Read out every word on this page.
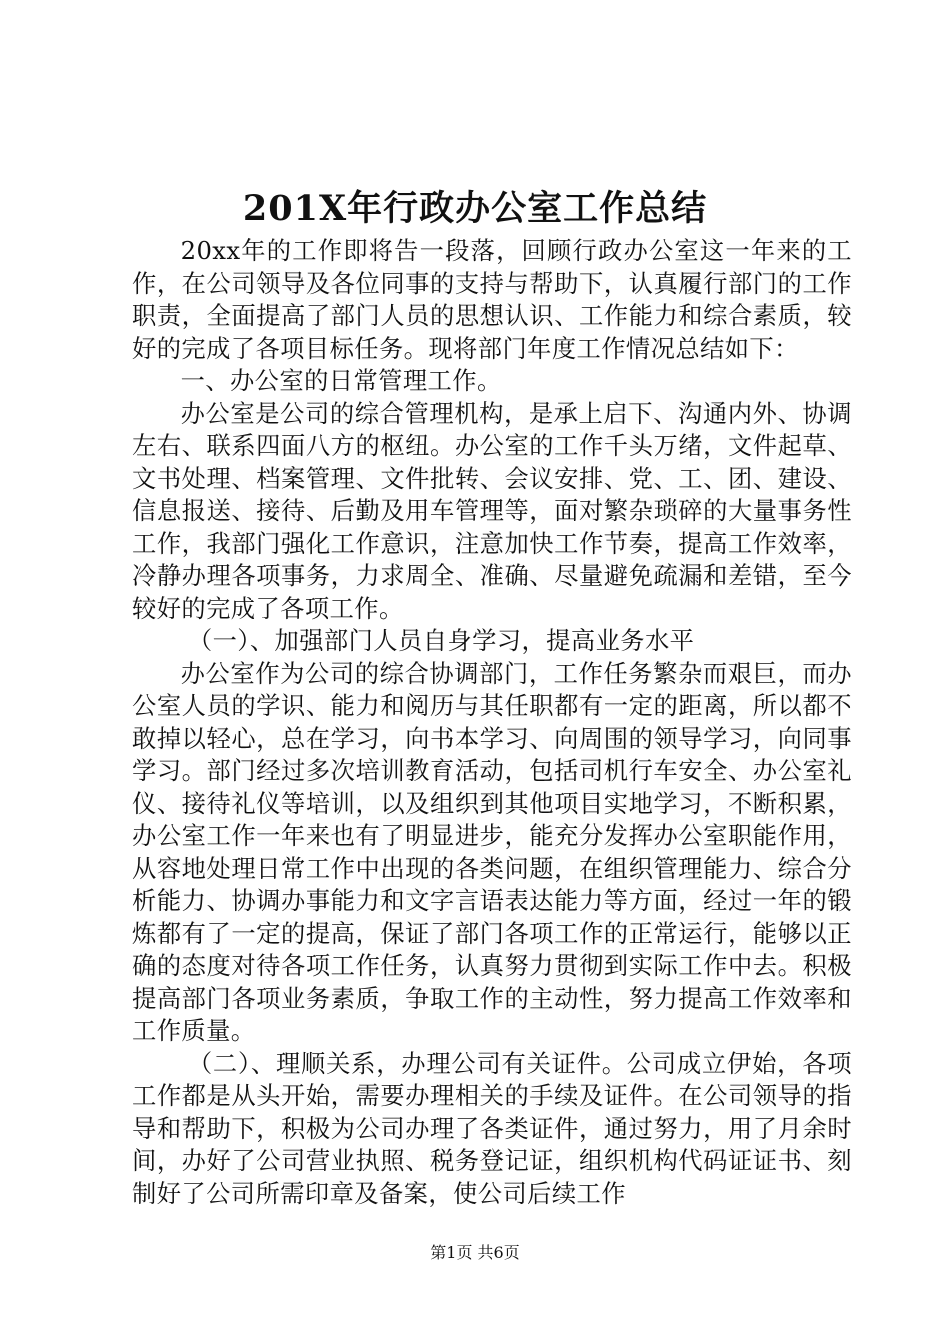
201X年行政办公室工作总结

20xx年的工作即将告一段落，回顾行政办公室这一年来的工作，在公司领导及各位同事的支持与帮助下，认真履行部门的工作职责，全面提高了部门人员的思想认识、工作能力和综合素质，较好的完成了各项目标任务。现将部门年度工作情况总结如下：

一、办公室的日常管理工作。

办公室是公司的综合管理机构，是承上启下、沟通内外、协调左右、联系四面八方的枢纽。办公室的工作千头万绪，文件起草、文书处理、档案管理、文件批转、会议安排、党、工、团、建设、信息报送、接待、后勤及用车管理等，面对繁杂琐碎的大量事务性工作，我部门强化工作意识，注意加快工作节奏，提高工作效率，冷静办理各项事务，力求周全、准确、尽量避免疏漏和差错，至今较好的完成了各项工作。

（一）、加强部门人员自身学习，提高业务水平

办公室作为公司的综合协调部门，工作任务繁杂而艰巨，而办公室人员的学识、能力和阅历与其任职都有一定的距离，所以都不敢掉以轻心，总在学习，向书本学习、向周围的领导学习，向同事学习。部门经过多次培训教育活动，包括司机行车安全、办公室礼仪、接待礼仪等培训，以及组织到其他项目实地学习，不断积累，办公室工作一年来也有了明显进步，能充分发挥办公室职能作用，从容地处理日常工作中出现的各类问题，在组织管理能力、综合分析能力、协调办事能力和文字言语表达能力等方面，经过一年的锻炼都有了一定的提高，保证了部门各项工作的正常运行，能够以正确的态度对待各项工作任务，认真努力贯彻到实际工作中去。积极提高部门各项业务素质，争取工作的主动性，努力提高工作效率和工作质量。

（二）、理顺关系，办理公司有关证件。公司成立伊始，各项工作都是从头开始，需要办理相关的手续及证件。在公司领导的指导和帮助下，积极为公司办理了各类证件，通过努力，用了月余时间，办好了公司营业执照、税务登记证，组织机构代码证证书、刻制好了公司所需印章及备案，使公司后续工作

第1页 共6页
